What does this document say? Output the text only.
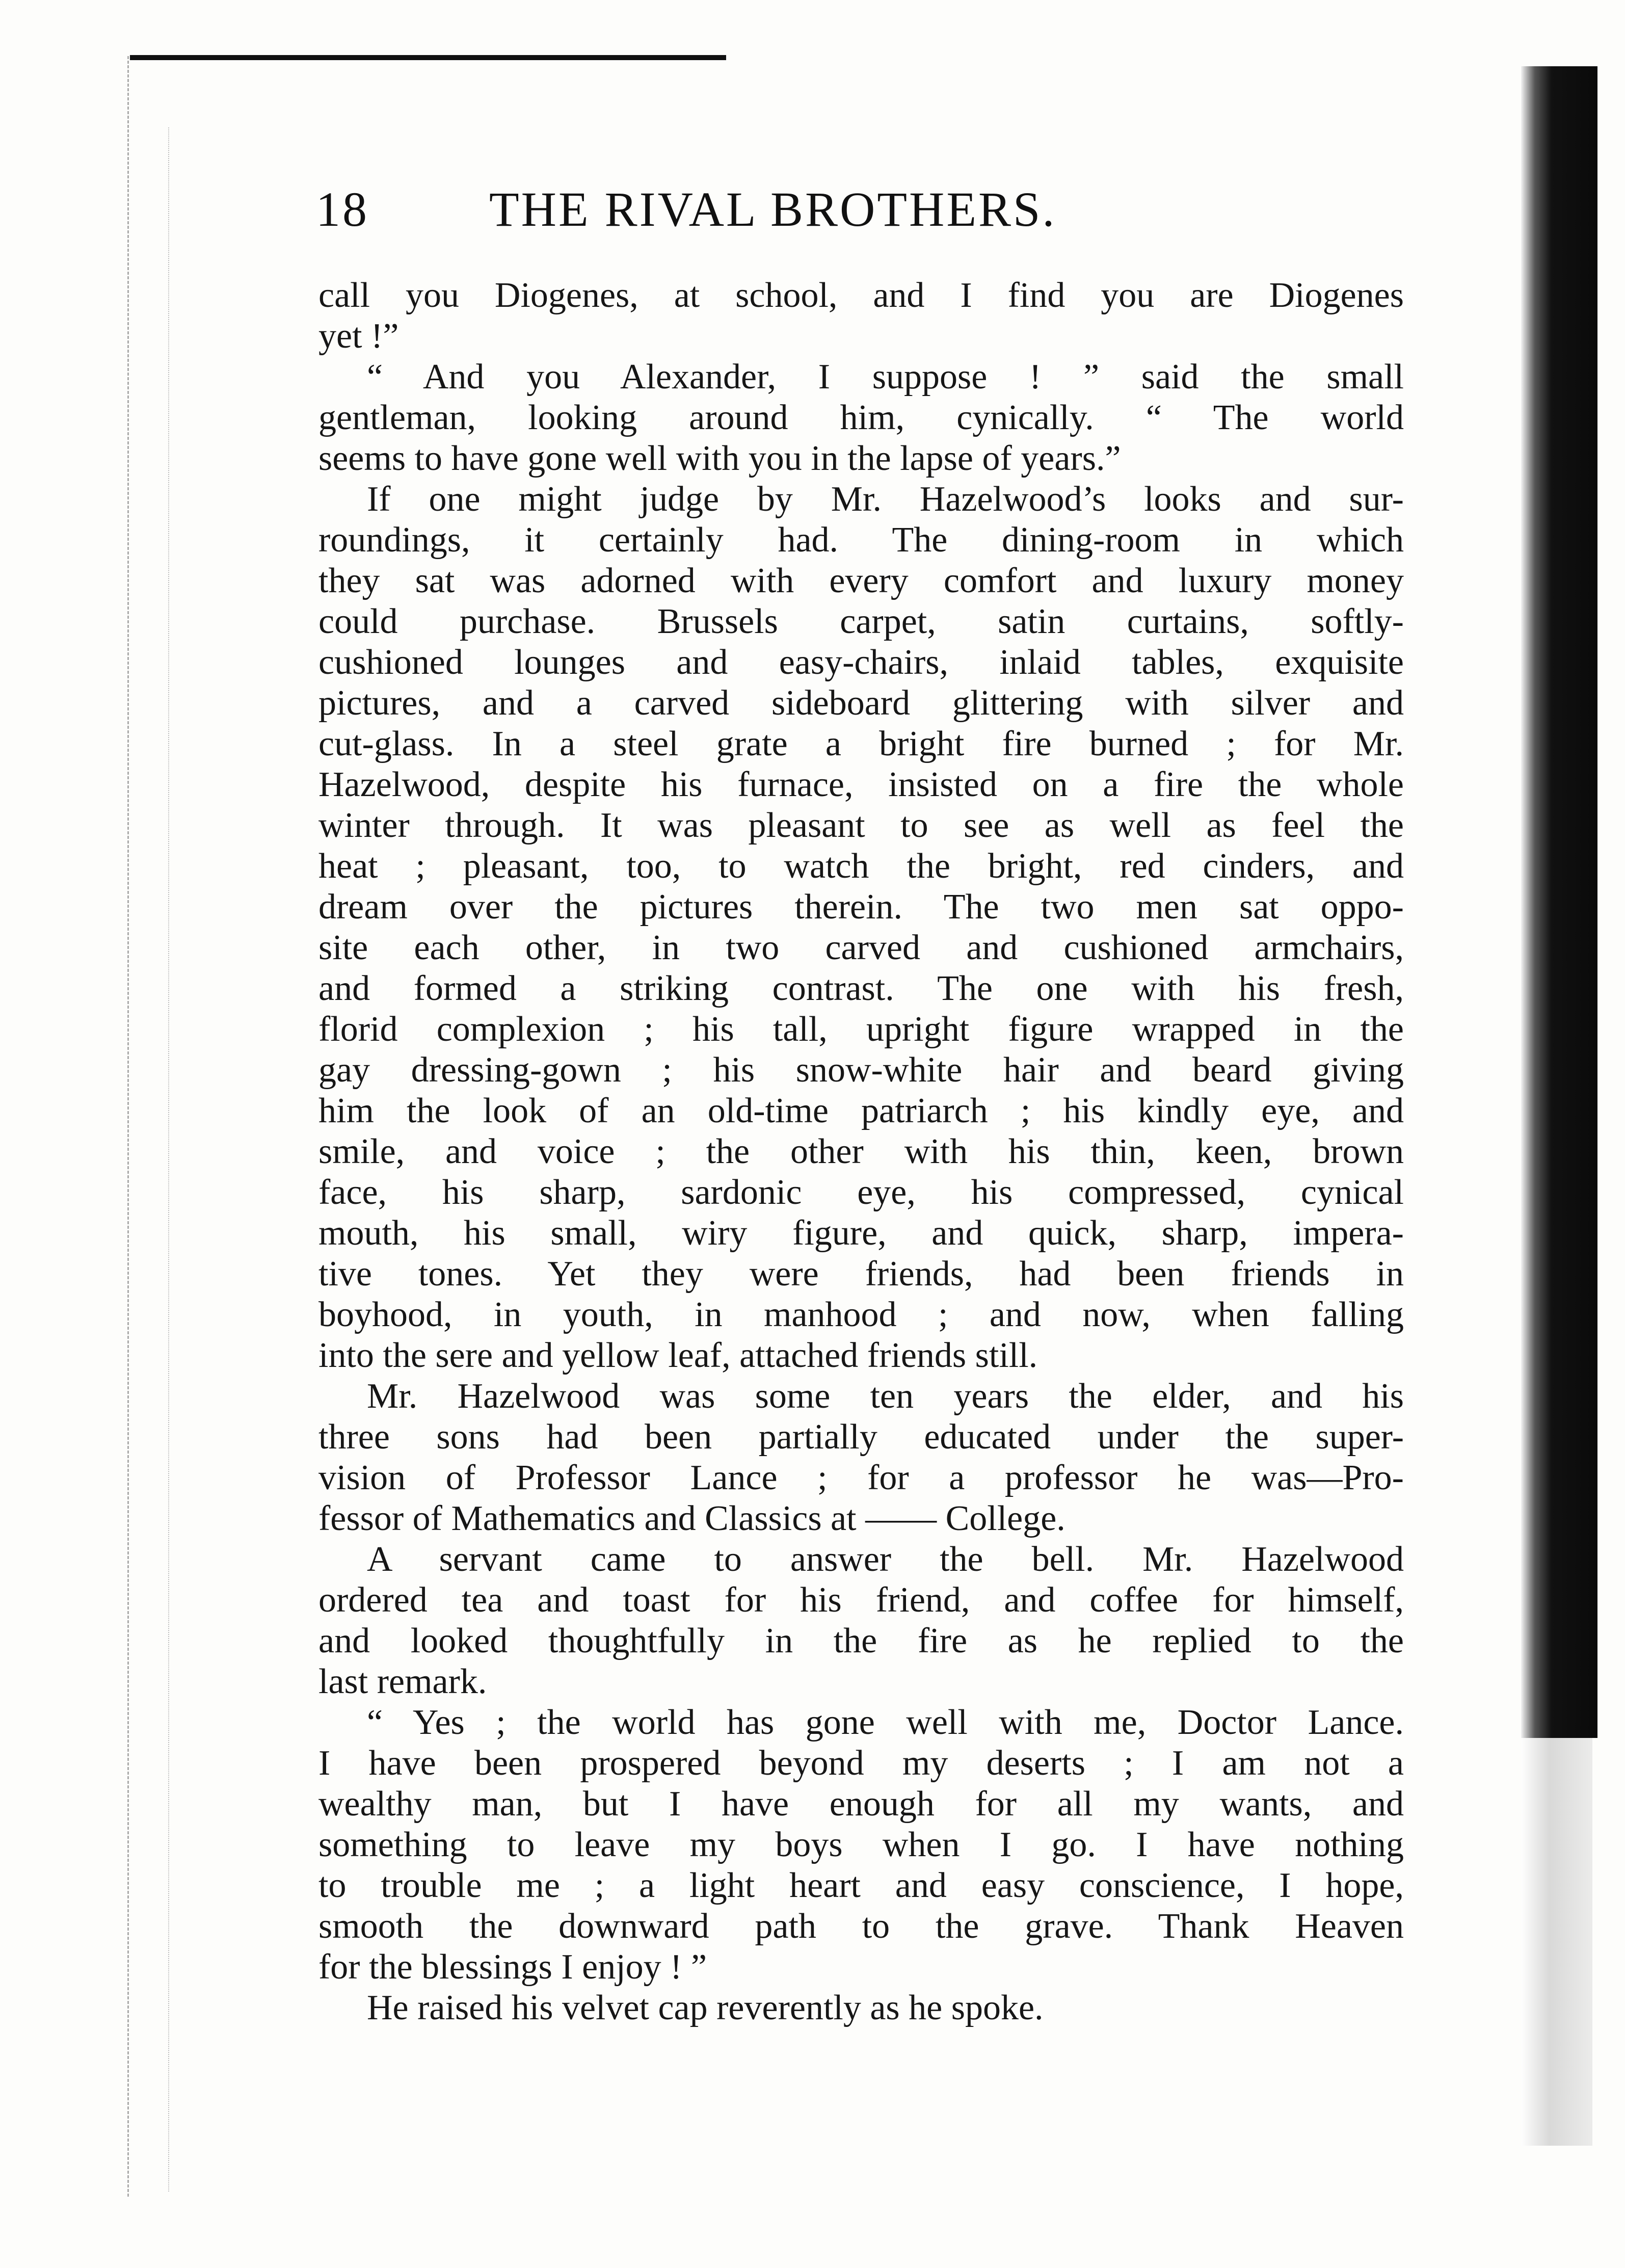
18 THE RIVAL BROTHERS.
call you Diogenes, at school, and I find you are Diogenes
yet !”
“ And you Alexander, I suppose ! ” said the small
gentleman, looking around him, cynically. “ The world
seems to have gone well with you in the lapse of years.”
If one might judge by Mr. Hazelwood’s looks and sur-
roundings, it certainly had. The dining-room in which
they sat was adorned with every comfort and luxury money
could purchase. Brussels carpet, satin curtains, softly-
cushioned lounges and easy-chairs, inlaid tables, exquisite
pictures, and a carved sideboard glittering with silver and
cut-glass. In a steel grate a bright fire burned ; for Mr.
Hazelwood, despite his furnace, insisted on a fire the whole
winter through. It was pleasant to see as well as feel the
heat ; pleasant, too, to watch the bright, red cinders, and
dream over the pictures therein. The two men sat oppo-
site each other, in two carved and cushioned armchairs,
and formed a striking contrast. The one with his fresh,
florid complexion ; his tall, upright figure wrapped in the
gay dressing-gown ; his snow-white hair and beard giving
him the look of an old-time patriarch ; his kindly eye, and
smile, and voice ; the other with his thin, keen, brown
face, his sharp, sardonic eye, his compressed, cynical
mouth, his small, wiry figure, and quick, sharp, impera-
tive tones. Yet they were friends, had been friends in
boyhood, in youth, in manhood ; and now, when falling
into the sere and yellow leaf, attached friends still.
Mr. Hazelwood was some ten years the elder, and his
three sons had been partially educated under the super-
vision of Professor Lance ; for a professor he was—Pro-
fessor of Mathematics and Classics at —— College.
A servant came to answer the bell. Mr. Hazelwood
ordered tea and toast for his friend, and coffee for himself,
and looked thoughtfully in the fire as he replied to the
last remark.
“ Yes ; the world has gone well with me, Doctor Lance.
I have been prospered beyond my deserts ; I am not a
wealthy man, but I have enough for all my wants, and
something to leave my boys when I go. I have nothing
to trouble me ; a light heart and easy conscience, I hope,
smooth the downward path to the grave. Thank Heaven
for the blessings I enjoy ! ”
He raised his velvet cap reverently as he spoke.
